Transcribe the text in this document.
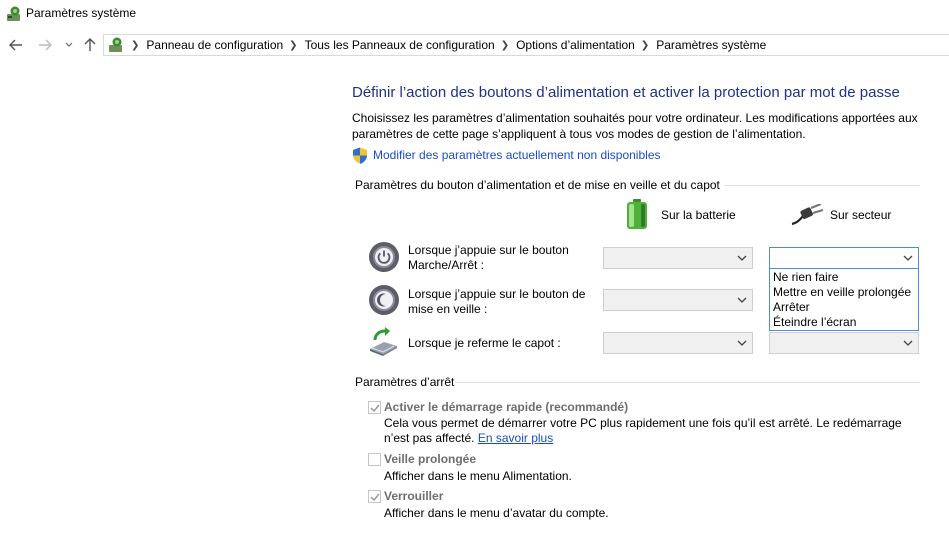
Paramètres système
❯ Panneau de configuration ❯ Tous les Panneaux de configuration ❯ Options d’alimentation ❯ Paramètres système
Définir l’action des boutons d’alimentation et activer la protection par mot de passe
Choisissez les paramètres d’alimentation souhaités pour votre ordinateur. Les modifications apportées aux paramètres de cette page s’appliquent à tous vos modes de gestion de l’alimentation.
Modifier des paramètres actuellement non disponibles
Paramètres du bouton d’alimentation et de mise en veille et du capot
Sur la batterie	Sur secteur
Lorsque j’appuie sur le bouton Marche/Arrêt :
Lorsque j’appuie sur le bouton de mise en veille :
Lorsque je referme le capot :
Ne rien faire
Mettre en veille prolongée
Arrêter
Éteindre l’écran
Paramètres d’arrêt
Activer le démarrage rapide (recommandé)
Cela vous permet de démarrer votre PC plus rapidement une fois qu’il est arrêté. Le redémarrage n’est pas affecté. En savoir plus
Veille prolongée
Afficher dans le menu Alimentation.
Verrouiller
Afficher dans le menu d’avatar du compte.
